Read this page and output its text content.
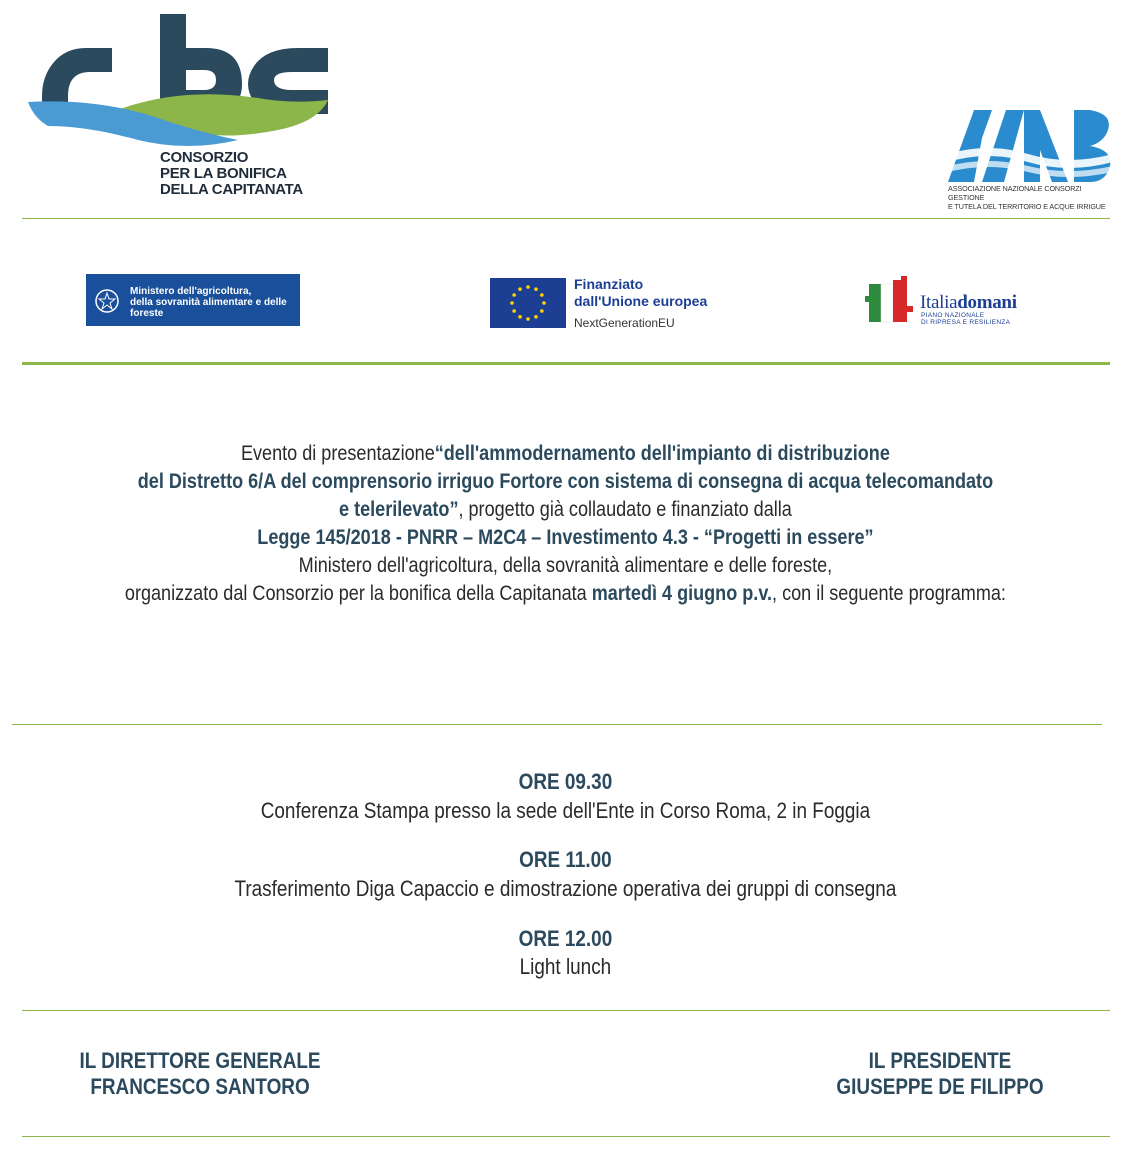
CONSORZIO
PER LA BONIFICA
DELLA CAPITANATA	ASSOCIAZIONE NAZIONALE CONSORZI GESTIONE
E TUTELA DEL TERRITORIO E ACQUE IRRIGUE
Ministero dell'agricoltura,
della sovranità alimentare e delle
foreste
Finanziato
dall'Unione europea
NextGenerationEU
Italiadomani
PIANO NAZIONALE
DI RIPRESA E RESILIENZA
Evento di presentazione“dell'ammodernamento dell'impianto di distribuzione
del Distretto 6/A del comprensorio irriguo Fortore con sistema di consegna di acqua telecomandato
e telerilevato”, progetto già collaudato e finanziato dalla
Legge 145/2018 - PNRR – M2C4 – Investimento 4.3 - “Progetti in essere”
Ministero dell'agricoltura, della sovranità alimentare e delle foreste,
organizzato dal Consorzio per la bonifica della Capitanata martedì 4 giugno p.v., con il seguente programma:
ORE 09.30
Conferenza Stampa presso la sede dell'Ente in Corso Roma, 2 in Foggia
ORE 11.00
Trasferimento Diga Capaccio e dimostrazione operativa dei gruppi di consegna
ORE 12.00
Light lunch
IL DIRETTORE GENERALE
FRANCESCO SANTORO
IL PRESIDENTE
GIUSEPPE DE FILIPPO
